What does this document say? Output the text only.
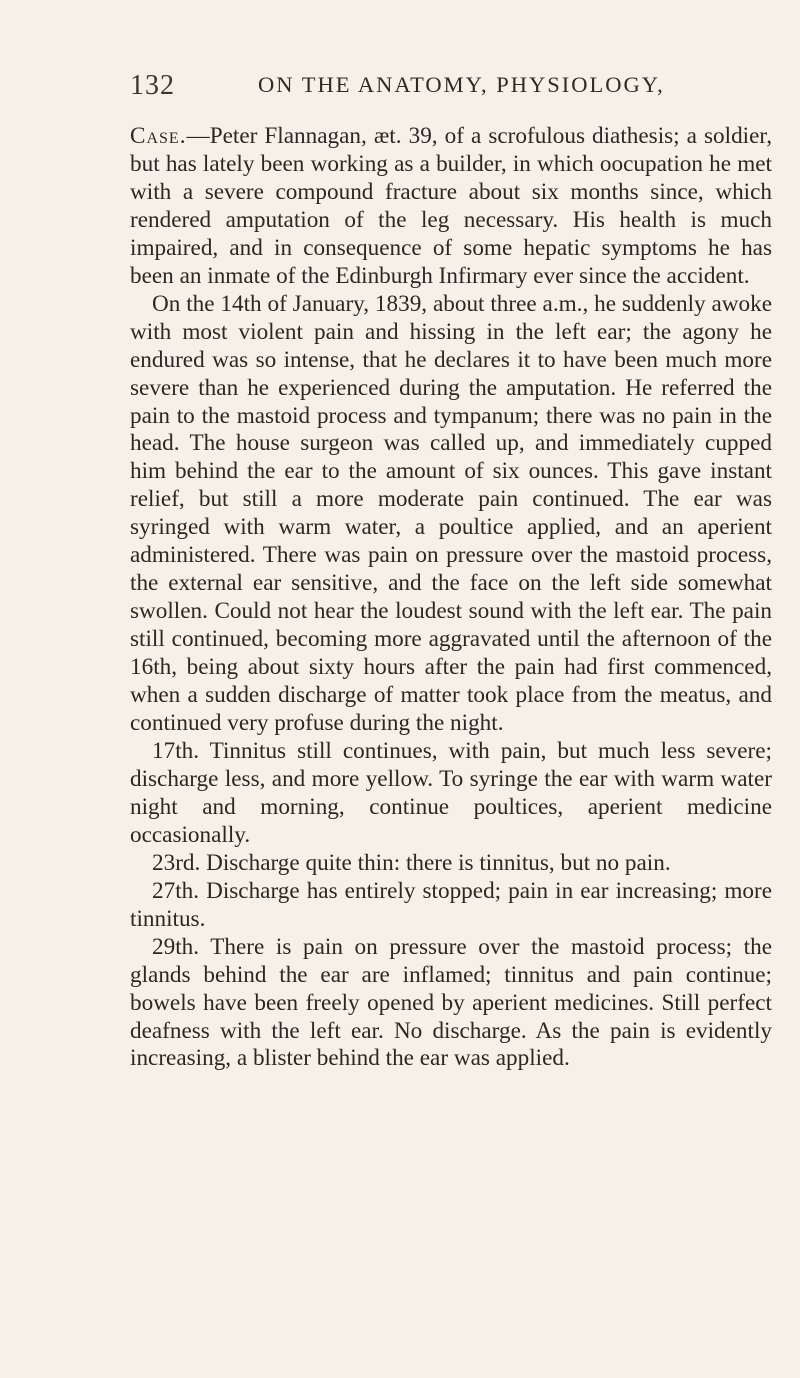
132	ON THE ANATOMY, PHYSIOLOGY,

Case.—Peter Flannagan, æt. 39, of a scrofulous diathesis; a soldier, but has lately been working as a builder, in which oocupation he met with a severe compound fracture about six months since, which rendered amputation of the leg necessary. His health is much impaired, and in consequence of some hepatic symptoms he has been an inmate of the Edinburgh Infirmary ever since the accident.

On the 14th of January, 1839, about three a.m., he suddenly awoke with most violent pain and hissing in the left ear; the agony he endured was so intense, that he declares it to have been much more severe than he experienced during the amputation. He referred the pain to the mastoid process and tympanum; there was no pain in the head. The house surgeon was called up, and immediately cupped him behind the ear to the amount of six ounces. This gave instant relief, but still a more moderate pain continued. The ear was syringed with warm water, a poultice applied, and an aperient administered. There was pain on pressure over the mastoid process, the external ear sensitive, and the face on the left side somewhat swollen. Could not hear the loudest sound with the left ear. The pain still continued, becoming more aggravated until the afternoon of the 16th, being about sixty hours after the pain had first commenced, when a sudden discharge of matter took place from the meatus, and continued very profuse during the night.

17th. Tinnitus still continues, with pain, but much less severe; discharge less, and more yellow. To syringe the ear with warm water night and morning, continue poultices, aperient medicine occasionally.

23rd. Discharge quite thin: there is tinnitus, but no pain.

27th. Discharge has entirely stopped; pain in ear increasing; more tinnitus.

29th. There is pain on pressure over the mastoid process; the glands behind the ear are inflamed; tinnitus and pain continue; bowels have been freely opened by aperient medicines. Still perfect deafness with the left ear. No discharge. As the pain is evidently increasing, a blister behind the ear was applied.
